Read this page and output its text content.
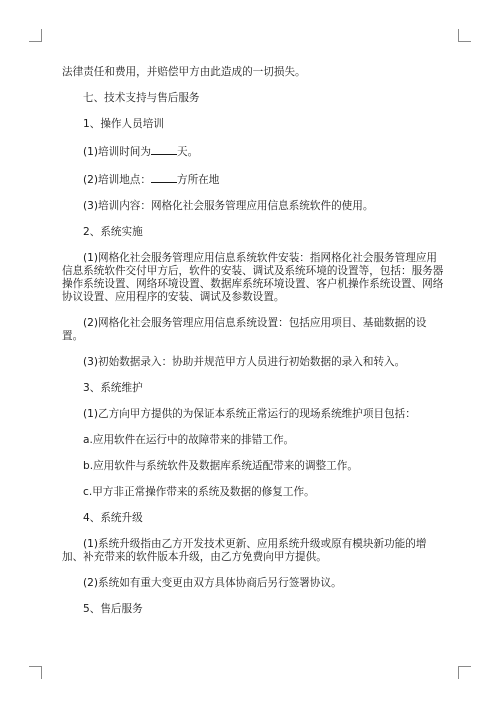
法律责任和费用，并赔偿甲方由此造成的一切损失。

七、技术支持与售后服务

1、操作人员培训

(1)培训时间为 天。

(2)培训地点： 方所在地

(3)培训内容：网格化社会服务管理应用信息系统软件的使用。

2、系统实施

(1)网格化社会服务管理应用信息系统软件安装：指网格化社会服务管理应用信息系统软件交付甲方后，软件的安装、调试及系统环境的设置等，包括：服务器操作系统设置、网络环境设置、数据库系统环境设置、客户机操作系统设置、网络协议设置、应用程序的安装、调试及参数设置。

(2)网格化社会服务管理应用信息系统设置：包括应用项目、基础数据的设置。

(3)初始数据录入：协助并规范甲方人员进行初始数据的录入和转入。

3、系统维护

(1)乙方向甲方提供的为保证本系统正常运行的现场系统维护项目包括：

a.应用软件在运行中的故障带来的排错工作。

b.应用软件与系统软件及数据库系统适配带来的调整工作。

c.甲方非正常操作带来的系统及数据的修复工作。

4、系统升级

(1)系统升级指由乙方开发技术更新、应用系统升级或原有模块新功能的增加、补充带来的软件版本升级，由乙方免费向甲方提供。

(2)系统如有重大变更由双方具体协商后另行签署协议。

5、售后服务
